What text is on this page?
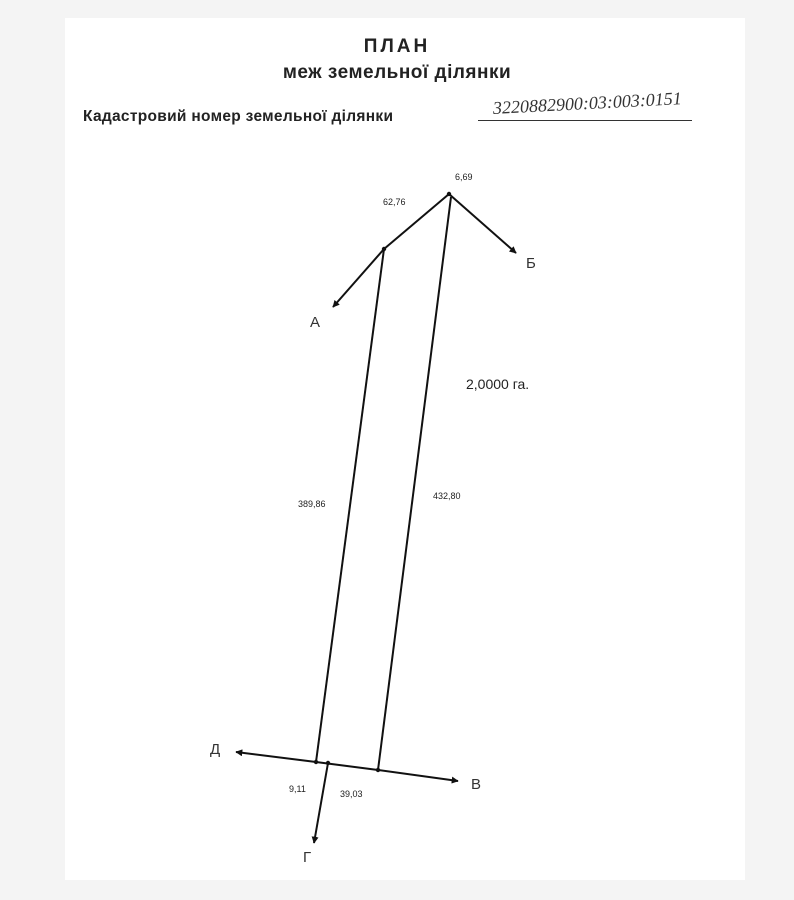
ПЛАН
меж земельної ділянки
Кадастровий номер земельної ділянки	3220882900:03:003:0151
А
Б
Д
В
Г
6,69
62,76
389,86
432,80
9,11	39,03
2,0000 га.
